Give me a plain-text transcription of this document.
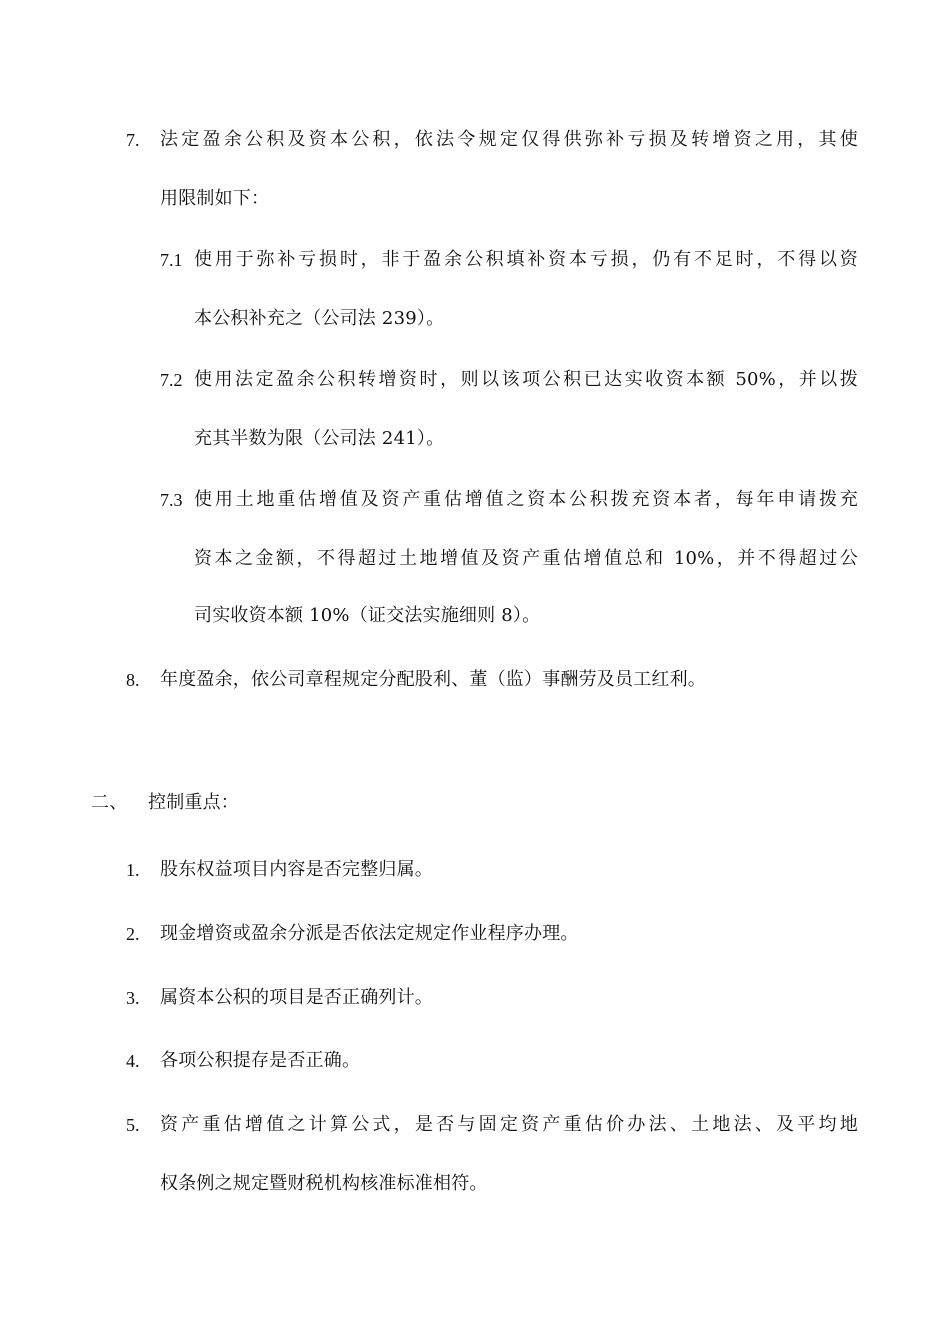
7. 法定盈余公积及资本公积，依法令规定仅得供弥补亏损及转增资之用，其使
用限制如下：
7.1 使用于弥补亏损时，非于盈余公积填补资本亏损，仍有不足时，不得以资
本公积补充之（公司法 239）。
7.2 使用法定盈余公积转增资时，则以该项公积已达实收资本额 50%，并以拨
充其半数为限（公司法 241）。
7.3 使用土地重估增值及资产重估增值之资本公积拨充资本者，每年申请拨充
资本之金额，不得超过土地增值及资产重估增值总和 10%，并不得超过公
司实收资本额 10%（证交法实施细则 8）。
8. 年度盈余，依公司章程规定分配股利、董（监）事酬劳及员工红利。
二、 控制重点：
1. 股东权益项目内容是否完整归属。
2. 现金增资或盈余分派是否依法定规定作业程序办理。
3. 属资本公积的项目是否正确列计。
4. 各项公积提存是否正确。
5. 资产重估增值之计算公式，是否与固定资产重估价办法、土地法、及平均地
权条例之规定暨财税机构核准标准相符。
